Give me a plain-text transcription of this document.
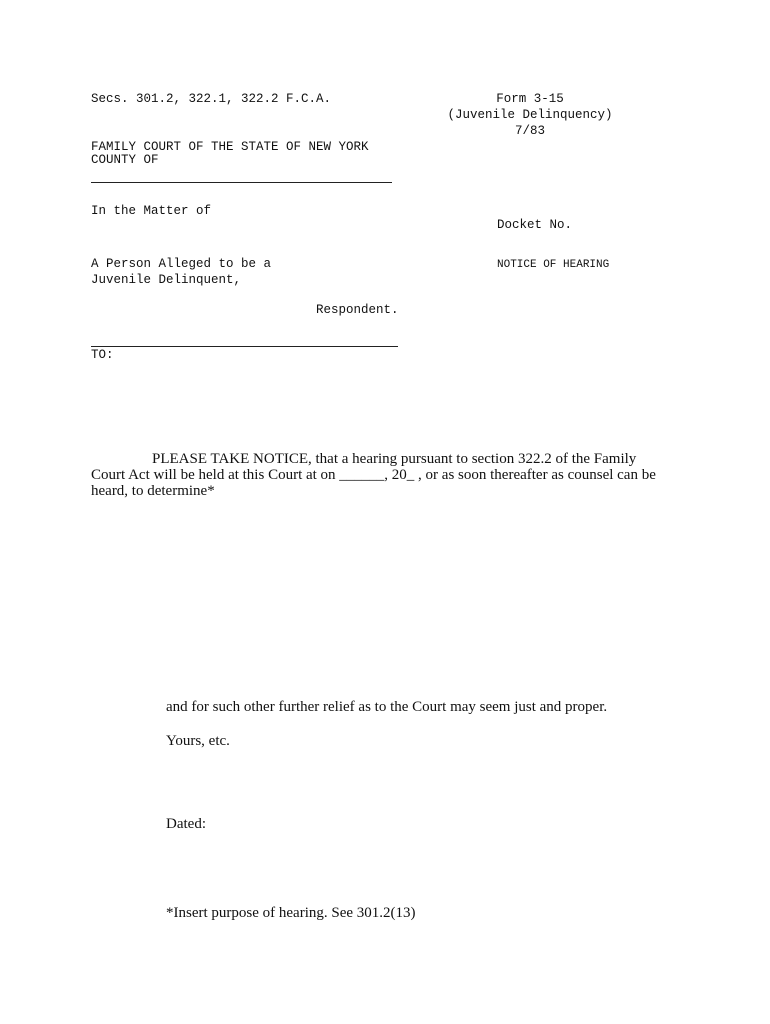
Secs. 301.2, 322.1, 322.2 F.C.A.	Form 3-15
(Juvenile Delinquency)
7/83
FAMILY COURT OF THE STATE OF NEW YORK
COUNTY OF
In the Matter of
Docket No.
A Person Alleged to be a
Juvenile Delinquent,
NOTICE OF HEARING
Respondent.
TO:
PLEASE TAKE NOTICE, that a hearing pursuant to section 322.2 of the Family
Court Act will be held at this Court at on ______, 20_ , or as soon thereafter as counsel can be
heard, to determine*
and for such other further relief as to the Court may seem just and proper.
Yours, etc.
Dated:
*Insert purpose of hearing. See 301.2(13)
